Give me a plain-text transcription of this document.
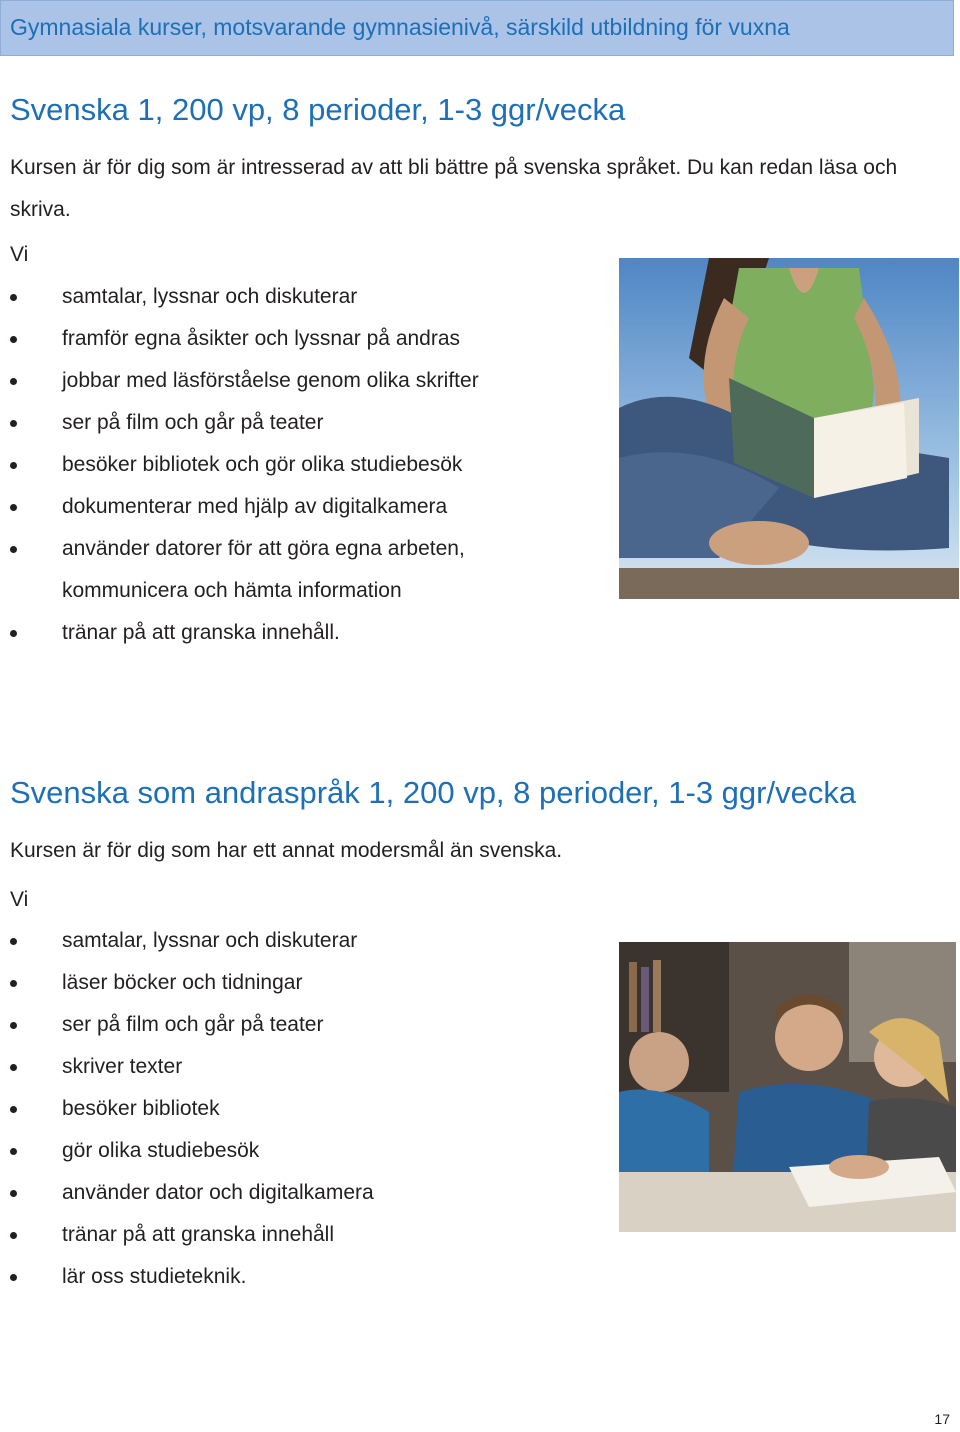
Gymnasiala kurser, motsvarande gymnasienivå, särskild utbildning för vuxna
Svenska 1, 200 vp, 8 perioder, 1-3 ggr/vecka

Kursen är för dig som är intresserad av att bli bättre på svenska språket. Du kan redan läsa och skriva.

Vi
samtalar, lyssnar och diskuterar
framför egna åsikter och lyssnar på andras
jobbar med läsförståelse genom olika skrifter
ser på film och går på teater
besöker bibliotek och gör olika studiebesök
dokumenterar med hjälp av digitalkamera
använder datorer för att göra egna arbeten, kommunicera och hämta information
tränar på att granska innehåll.
Svenska som andraspråk 1, 200 vp, 8 perioder, 1-3 ggr/vecka

Kursen är för dig som har ett annat modersmål än svenska.

Vi
samtalar, lyssnar och diskuterar
läser böcker och tidningar
ser på film och går på teater
skriver texter
besöker bibliotek
gör olika studiebesök
använder dator och digitalkamera
tränar på att granska innehåll
lär oss studieteknik.
17
